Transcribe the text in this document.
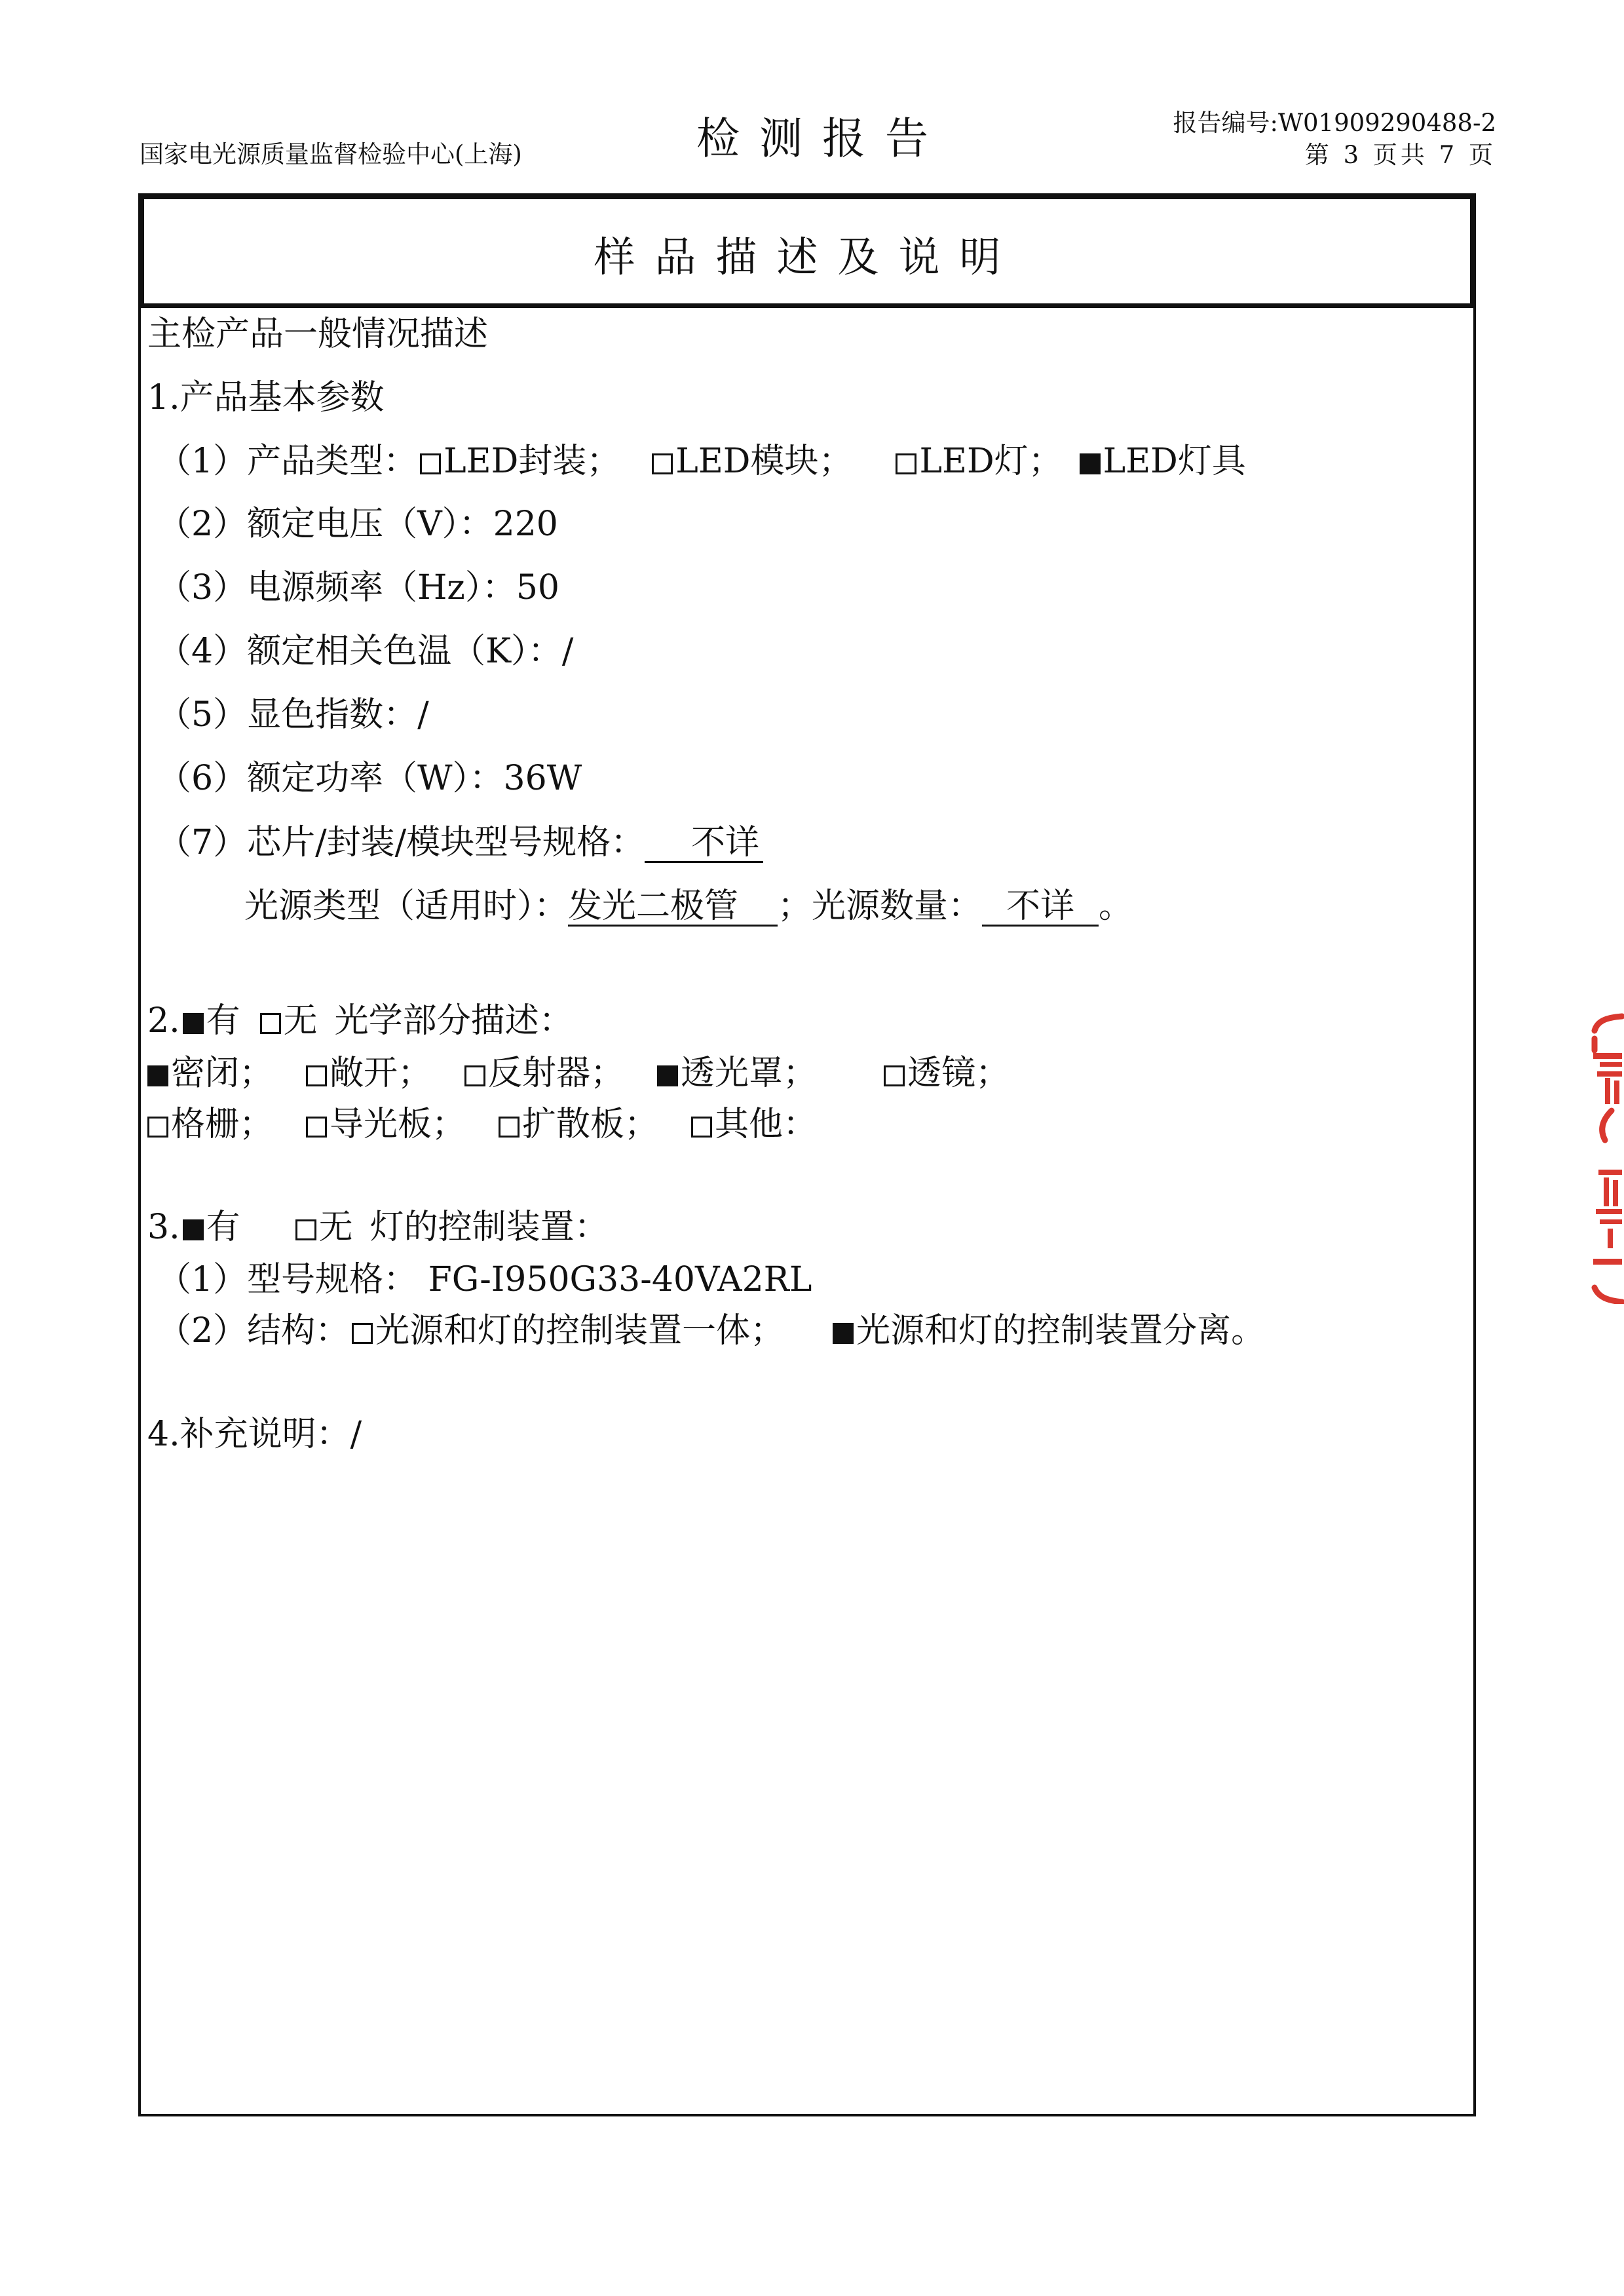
国家电光源质量监督检验中心(上海)	检测报告	报告编号:W01909290488-2
第 3 页共 7 页
样品描述及说明
主检产品一般情况描述
1.产品基本参数
（1）产品类型： LED封装； LED模块； LED灯； LED灯具
（2）额定电压（V）：220
（3）电源频率（Hz）：50
（4）额定相关色温（K）：/
（5）显色指数：/
（6）额定功率（W）：36W
（7）芯片/封装/模块型号规格： 不详
光源类型（适用时）：发光二极管 ；光源数量： 不详 。
2. 有 无 光学部分描述：
密闭； 敞开； 反射器； 透光罩；	透镜；
格栅； 导光板； 扩散板； 其他：
3. 有 无 灯的控制装置：
（1）型号规格： FG-I950G33-40VA2RL
（2）结构： 光源和灯的控制装置一体； 光源和灯的控制装置分离。
4.补充说明：/
